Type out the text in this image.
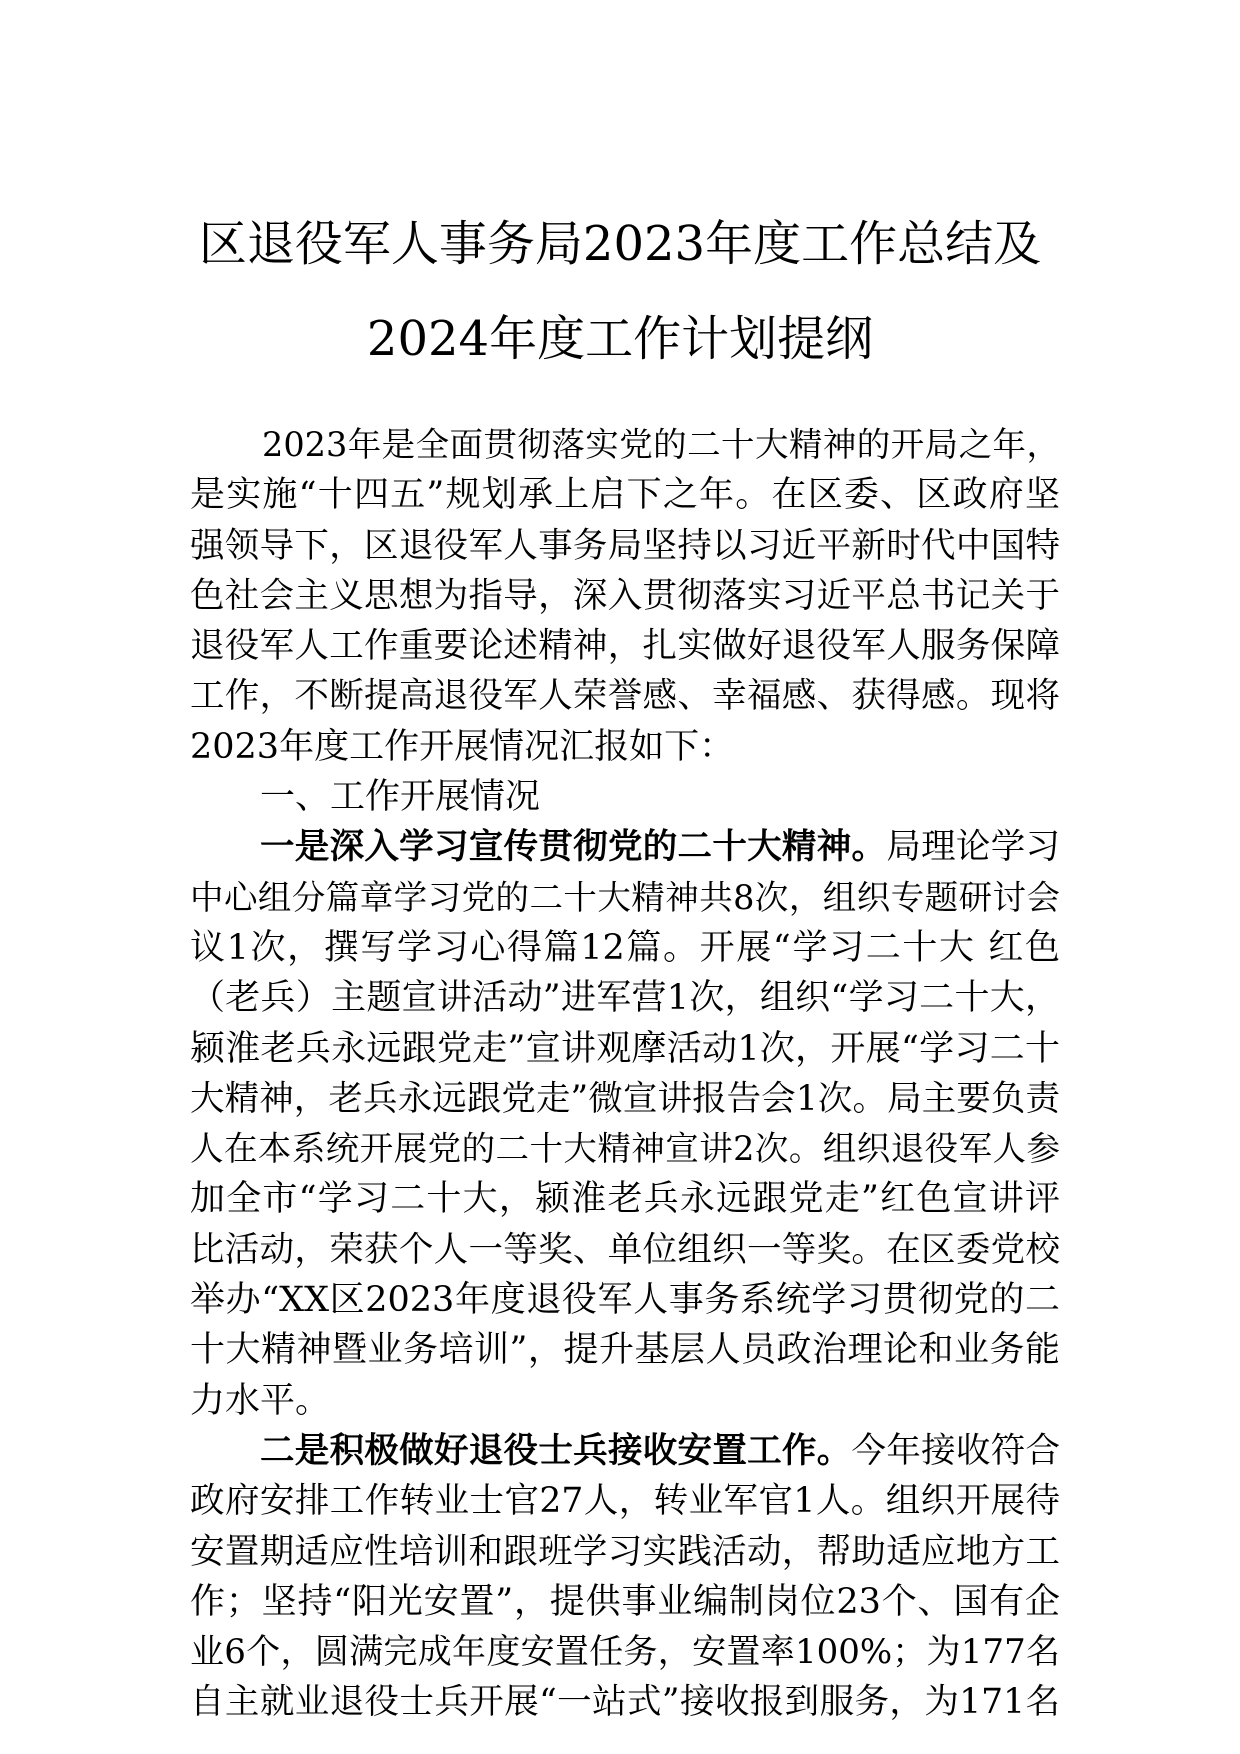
区退役军人事务局2023年度工作总结及
2024年度工作计划提纲
2023年是全面贯彻落实党的二十大精神的开局之年，
是实施“十四五”规划承上启下之年。在区委、区政府坚
强领导下，区退役军人事务局坚持以习近平新时代中国特
色社会主义思想为指导，深入贯彻落实习近平总书记关于
退役军人工作重要论述精神，扎实做好退役军人服务保障
工作，不断提高退役军人荣誉感、幸福感、获得感。现将
2023年度工作开展情况汇报如下：
一、工作开展情况
一是深入学习宣传贯彻党的二十大精神。局理论学习
中心组分篇章学习党的二十大精神共8次，组织专题研讨会
议1次，撰写学习心得篇12篇。开展“学习二十大 红色
（老兵）主题宣讲活动”进军营1次，组织“学习二十大，
颍淮老兵永远跟党走”宣讲观摩活动1次，开展“学习二十
大精神，老兵永远跟党走”微宣讲报告会1次。局主要负责
人在本系统开展党的二十大精神宣讲2次。组织退役军人参
加全市“学习二十大，颍淮老兵永远跟党走”红色宣讲评
比活动，荣获个人一等奖、单位组织一等奖。在区委党校
举办“XX区2023年度退役军人事务系统学习贯彻党的二
十大精神暨业务培训”，提升基层人员政治理论和业务能
力水平。
二是积极做好退役士兵接收安置工作。今年接收符合
政府安排工作转业士官27人，转业军官1人。组织开展待
安置期适应性培训和跟班学习实践活动，帮助适应地方工
作；坚持“阳光安置”，提供事业编制岗位23个、国有企
业6个，圆满完成年度安置任务，安置率100%；为177名
自主就业退役士兵开展“一站式”接收报到服务，为171名
